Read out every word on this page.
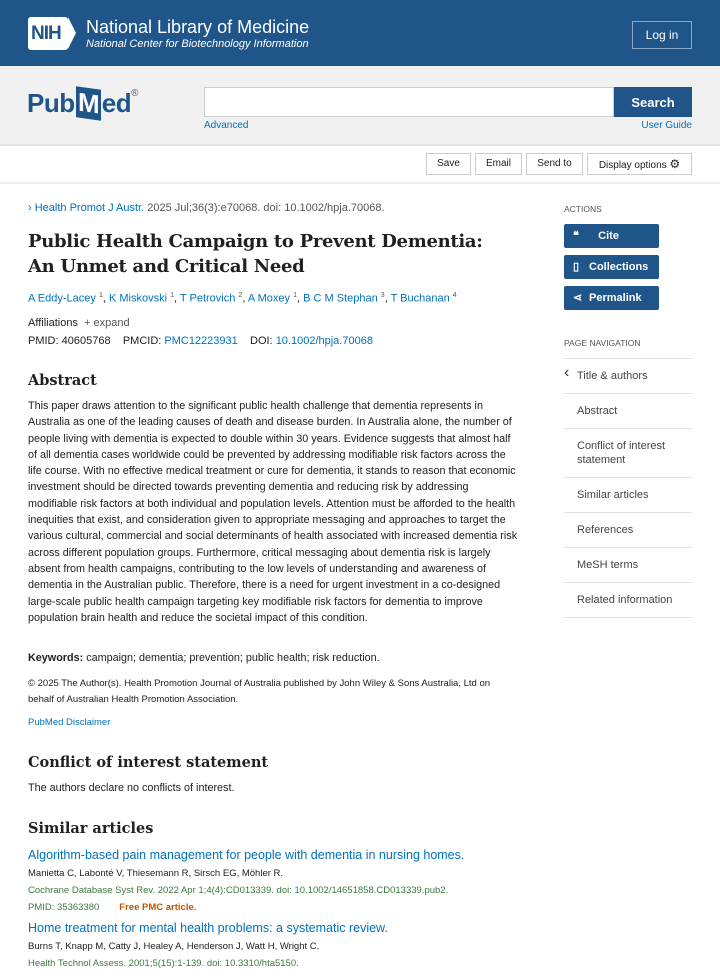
NIH	National Library of Medicine
National Center for Biotechnology Information
Log in
Pub M ed®
Search
Advanced	User Guide
Save	Email	Send to	Display options ⚙
› Health Promot J Austr. 2025 Jul;36(3):e70068. doi: 10.1002/hpja.70068.
Public Health Campaign to Prevent Dementia: An Unmet and Critical Need
A Eddy-Lacey $^1$, K Miskovski $^1$, T Petrovich $^2$, A Moxey $^1$, B C M Stephan $^3$, T Buchanan $^4$
Affiliations + expand
PMID: 40605768 PMCID: PMC12223931 DOI: 10.1002/hpja.70068
Abstract

This paper draws attention to the significant public health challenge that dementia represents in Australia as one of the leading causes of death and disease burden. In Australia alone, the number of people living with dementia is expected to double within 30 years. Evidence suggests that almost half of all dementia cases worldwide could be prevented by addressing modifiable risk factors across the life course. With no effective medical treatment or cure for dementia, it stands to reason that economic investment should be directed towards preventing dementia and reducing risk by addressing modifiable risk factors at both individual and population levels. Attention must be afforded to the health inequities that exist, and consideration given to appropriate messaging and approaches to target the various cultural, commercial and social determinants of health associated with increased dementia risk across different population groups. Furthermore, critical messaging about dementia risk is largely absent from health campaigns, contributing to the low levels of understanding and awareness of dementia in the Australian public. Therefore, there is a need for urgent investment in a co-designed large-scale public health campaign targeting key modifiable risk factors for dementia to improve population brain health and reduce the societal impact of this condition.

Keywords: campaign; dementia; prevention; public health; risk reduction.

© 2025 The Author(s). Health Promotion Journal of Australia published by John Wiley & Sons Australia, Ltd on behalf of Australian Health Promotion Association.

PubMed Disclaimer
Conflict of interest statement

The authors declare no conflicts of interest.

Similar articles
Algorithm-based pain management for people with dementia in nursing homes.
Manietta C, Labonté V, Thiesemann R, Sirsch EG, Möhler R.
Cochrane Database Syst Rev. 2022 Apr 1;4(4):CD013339. doi: 10.1002/14651858.CD013339.pub2.
PMID: 35363380 Free PMC article.
Home treatment for mental health problems: a systematic review.
Burns T, Knapp M, Catty J, Healey A, Henderson J, Watt H, Wright C.
Health Technol Assess. 2001;5(15):1-139. doi: 10.3310/hta5150.
ACTIONS
❝ Cite
▯ Collections
⋖ Permalink
PAGE NAVIGATION
‹ Title & authors
Abstract
Conflict of interest statement
Similar articles
References
MeSH terms
Related information
